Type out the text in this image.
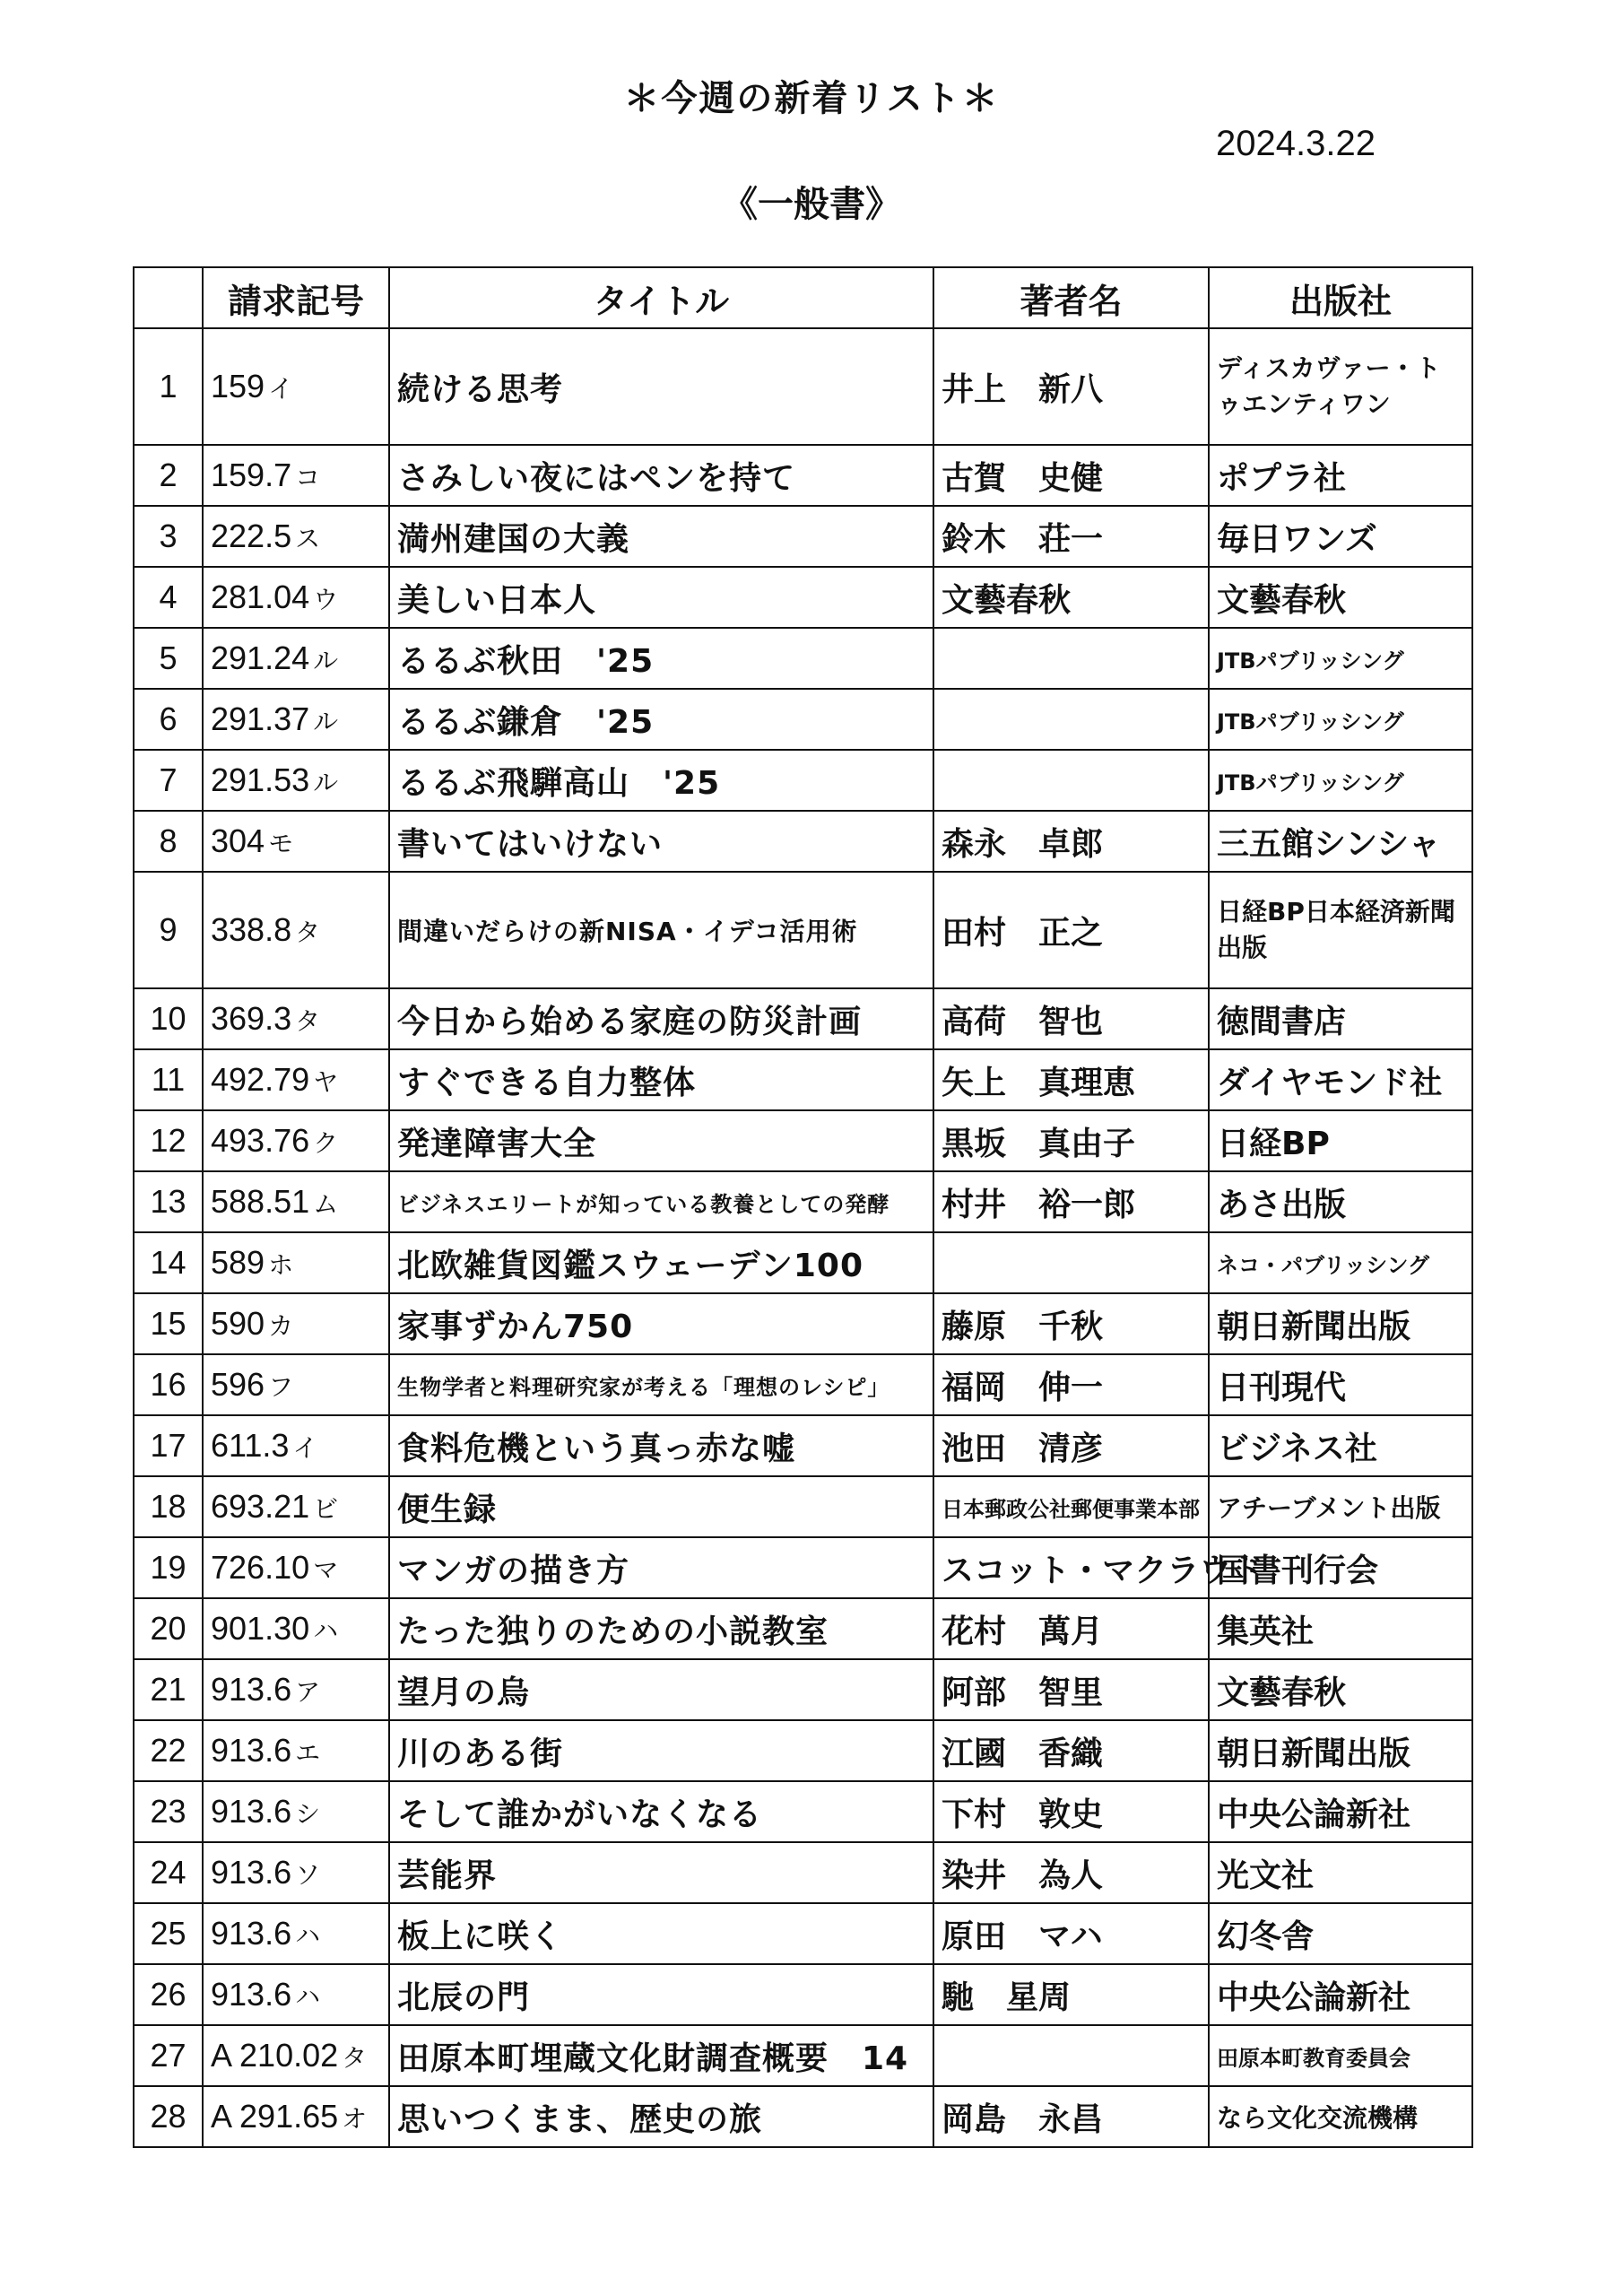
＊今週の新着リスト＊
2024.3.22
《一般書》
	請求記号	タイトル	著者名	出版社
1	159 イ	続ける思考	井上　新八	ディスカヴァー・トゥエンティワン
2	159.7 コ	さみしい夜にはペンを持て	古賀　史健	ポプラ社
3	222.5 ス	満州建国の大義	鈴木　荘一	毎日ワンズ
4	281.04 ウ	美しい日本人	文藝春秋	文藝春秋
5	291.24 ル	るるぶ秋田　'25		JTBパブリッシング
6	291.37 ル	るるぶ鎌倉　'25		JTBパブリッシング
7	291.53 ル	るるぶ飛騨高山　'25		JTBパブリッシング
8	304 モ	書いてはいけない	森永　卓郎	三五館シンシャ
9	338.8 タ	間違いだらけの新NISA・イデコ活用術	田村　正之	日経BP日本経済新聞出版
10	369.3 タ	今日から始める家庭の防災計画	高荷　智也	徳間書店
11	492.79 ヤ	すぐできる自力整体	矢上　真理恵	ダイヤモンド社
12	493.76 ク	発達障害大全	黒坂　真由子	日経BP
13	588.51 ム	ビジネスエリートが知っている教養としての発酵	村井　裕一郎	あさ出版
14	589 ホ	北欧雑貨図鑑スウェーデン100		ネコ・パブリッシング
15	590 カ	家事ずかん750	藤原　千秋	朝日新聞出版
16	596 フ	生物学者と料理研究家が考える「理想のレシピ」	福岡　伸一	日刊現代
17	611.3 イ	食料危機という真っ赤な嘘	池田　清彦	ビジネス社
18	693.21 ビ	便生録	日本郵政公社郵便事業本部	アチーブメント出版
19	726.10 マ	マンガの描き方	スコット・マクラウド	国書刊行会
20	901.30 ハ	たった独りのための小説教室	花村　萬月	集英社
21	913.6 ア	望月の烏	阿部　智里	文藝春秋
22	913.6 エ	川のある街	江國　香織	朝日新聞出版
23	913.6 シ	そして誰かがいなくなる	下村　敦史	中央公論新社
24	913.6 ソ	芸能界	染井　為人	光文社
25	913.6 ハ	板上に咲く	原田　マハ	幻冬舎
26	913.6 ハ	北辰の門	馳　星周	中央公論新社
27	A 210.02 タ	田原本町埋蔵文化財調査概要　14		田原本町教育委員会
28	A 291.65 オ	思いつくまま、歴史の旅	岡島　永昌	なら文化交流機構
